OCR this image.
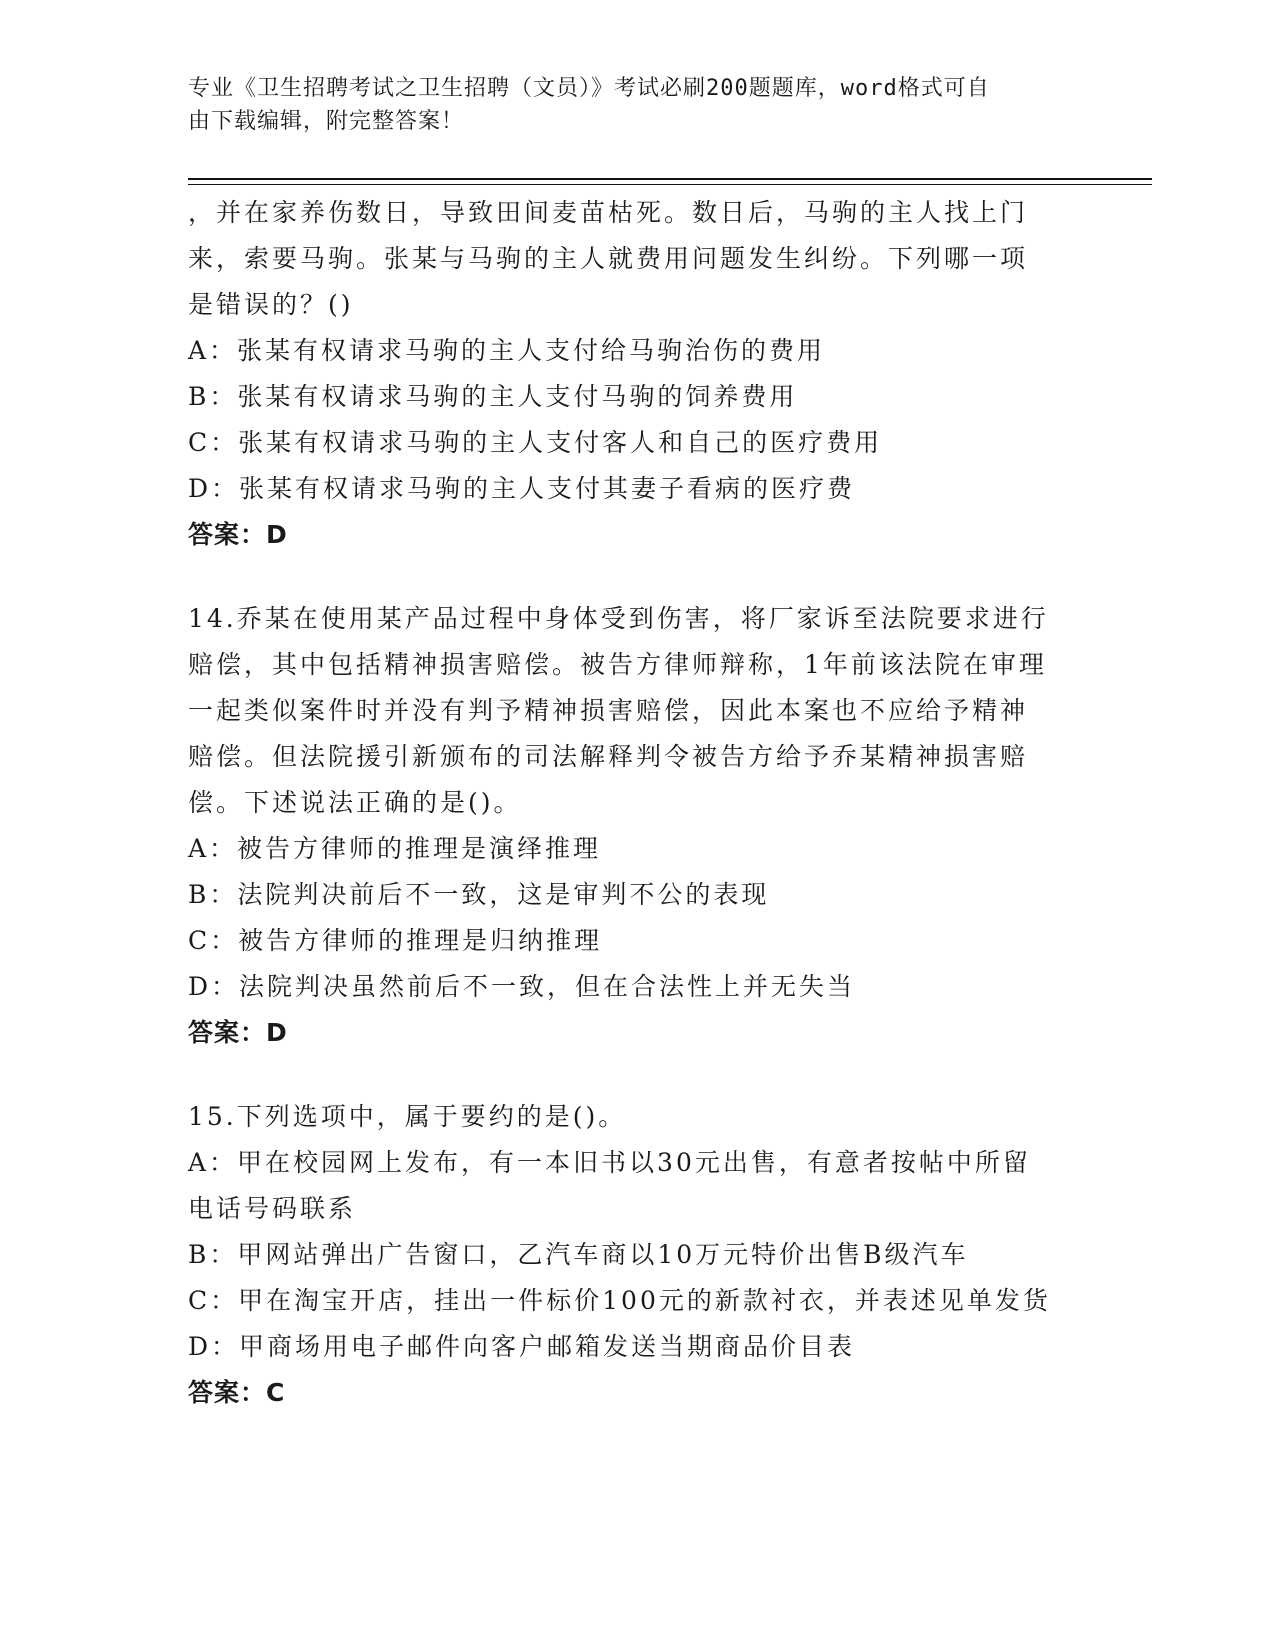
专业《卫生招聘考试之卫生招聘（文员）》考试必刷200题题库，word格式可自
由下载编辑，附完整答案！
，并在家养伤数日，导致田间麦苗枯死。数日后，马驹的主人找上门
来，索要马驹。张某与马驹的主人就费用问题发生纠纷。下列哪一项
是错误的？()
A：张某有权请求马驹的主人支付给马驹治伤的费用
B：张某有权请求马驹的主人支付马驹的饲养费用
C：张某有权请求马驹的主人支付客人和自己的医疗费用
D：张某有权请求马驹的主人支付其妻子看病的医疗费
答案：D
14.乔某在使用某产品过程中身体受到伤害，将厂家诉至法院要求进行
赔偿，其中包括精神损害赔偿。被告方律师辩称，1年前该法院在审理
一起类似案件时并没有判予精神损害赔偿，因此本案也不应给予精神
赔偿。但法院援引新颁布的司法解释判令被告方给予乔某精神损害赔
偿。下述说法正确的是()。
A：被告方律师的推理是演绎推理
B：法院判决前后不一致，这是审判不公的表现
C：被告方律师的推理是归纳推理
D：法院判决虽然前后不一致，但在合法性上并无失当
答案：D
15.下列选项中，属于要约的是()。
A：甲在校园网上发布，有一本旧书以30元出售，有意者按帖中所留
电话号码联系
B：甲网站弹出广告窗口，乙汽车商以10万元特价出售B级汽车
C：甲在淘宝开店，挂出一件标价100元的新款衬衣，并表述见单发货
D：甲商场用电子邮件向客户邮箱发送当期商品价目表
答案：C
